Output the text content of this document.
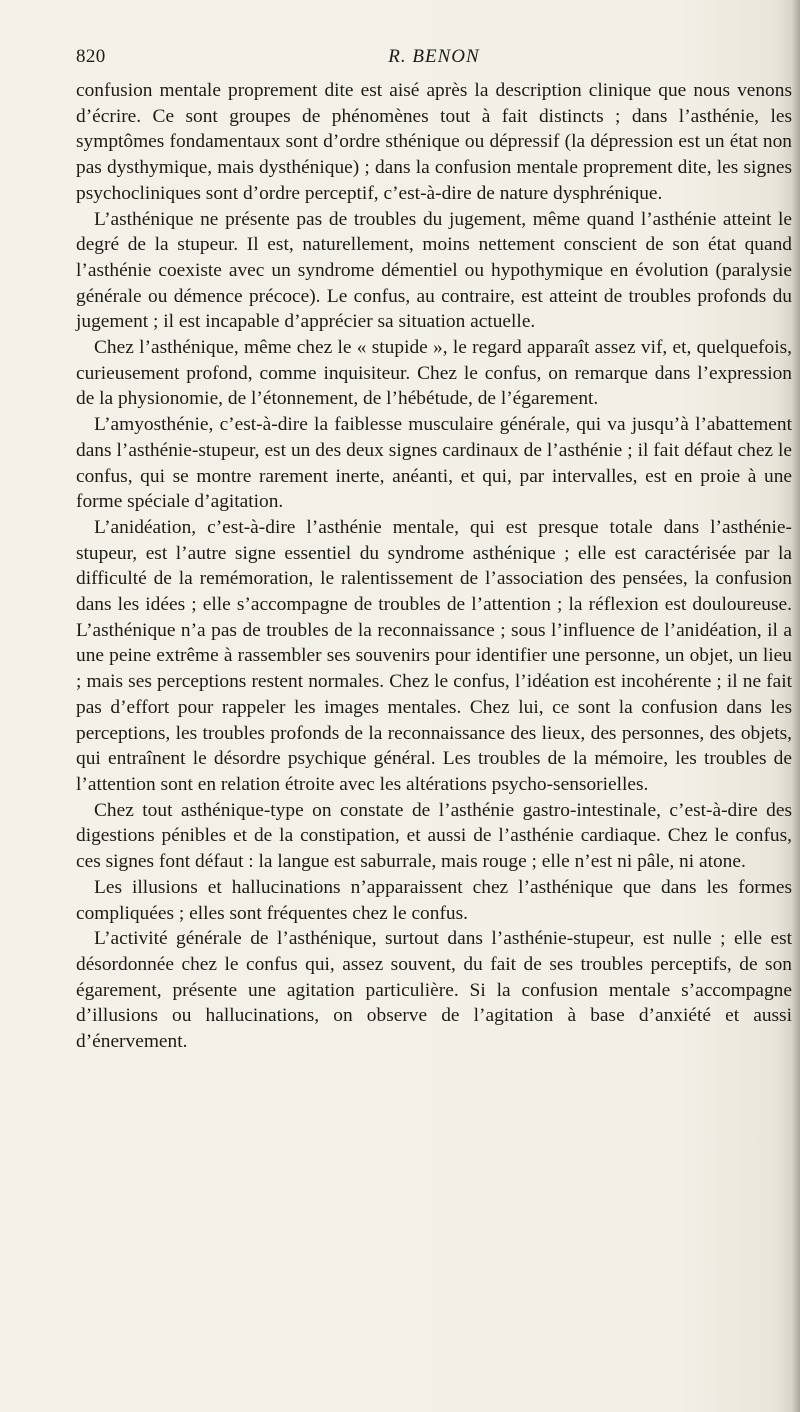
820	R. BENON

confusion mentale proprement dite est aisé après la description clinique que nous venons d’écrire. Ce sont groupes de phénomènes tout à fait distincts ; dans l’asthénie, les symptômes fondamentaux sont d’ordre sthénique ou dépressif (la dépression est un état non pas dysthymique, mais dysthénique) ; dans la confusion mentale proprement dite, les signes psychocliniques sont d’ordre perceptif, c’est-à-dire de nature dysphrénique.

L’asthénique ne présente pas de troubles du jugement, même quand l’asthénie atteint le degré de la stupeur. Il est, naturellement, moins nettement conscient de son état quand l’asthénie coexiste avec un syndrome démentiel ou hypothymique en évolution (paralysie générale ou démence précoce). Le confus, au contraire, est atteint de troubles profonds du jugement ; il est incapable d’apprécier sa situation actuelle.

Chez l’asthénique, même chez le « stupide », le regard apparaît assez vif, et, quelquefois, curieusement profond, comme inquisiteur. Chez le confus, on remarque dans l’expression de la physionomie, de l’étonnement, de l’hébétude, de l’égarement.

L’amyosthénie, c’est-à-dire la faiblesse musculaire générale, qui va jusqu’à l’abattement dans l’asthénie-stupeur, est un des deux signes cardinaux de l’asthénie ; il fait défaut chez le confus, qui se montre rarement inerte, anéanti, et qui, par intervalles, est en proie à une forme spéciale d’agitation.

L’anidéation, c’est-à-dire l’asthénie mentale, qui est presque totale dans l’asthénie-stupeur, est l’autre signe essentiel du syndrome asthénique ; elle est caractérisée par la difficulté de la remémoration, le ralentissement de l’association des pensées, la confusion dans les idées ; elle s’accompagne de troubles de l’attention ; la réflexion est douloureuse. L’asthénique n’a pas de troubles de la reconnaissance ; sous l’influence de l’anidéation, il a une peine extrême à rassembler ses souvenirs pour identifier une personne, un objet, un lieu ; mais ses perceptions restent normales. Chez le confus, l’idéation est incohérente ; il ne fait pas d’effort pour rappeler les images mentales. Chez lui, ce sont la confusion dans les perceptions, les troubles profonds de la reconnaissance des lieux, des personnes, des objets, qui entraînent le désordre psychique général. Les troubles de la mémoire, les troubles de l’attention sont en relation étroite avec les altérations psycho-sensorielles.

Chez tout asthénique-type on constate de l’asthénie gastro-intestinale, c’est-à-dire des digestions pénibles et de la constipation, et aussi de l’asthénie cardiaque. Chez le confus, ces signes font défaut : la langue est saburrale, mais rouge ; elle n’est ni pâle, ni atone.

Les illusions et hallucinations n’apparaissent chez l’asthénique que dans les formes compliquées ; elles sont fréquentes chez le confus.

L’activité générale de l’asthénique, surtout dans l’asthénie-stupeur, est nulle ; elle est désordonnée chez le confus qui, assez souvent, du fait de ses troubles perceptifs, de son égarement, présente une agitation particulière. Si la confusion mentale s’accompagne d’illusions ou hallucinations, on observe de l’agitation à base d’anxiété et aussi d’énervement.
